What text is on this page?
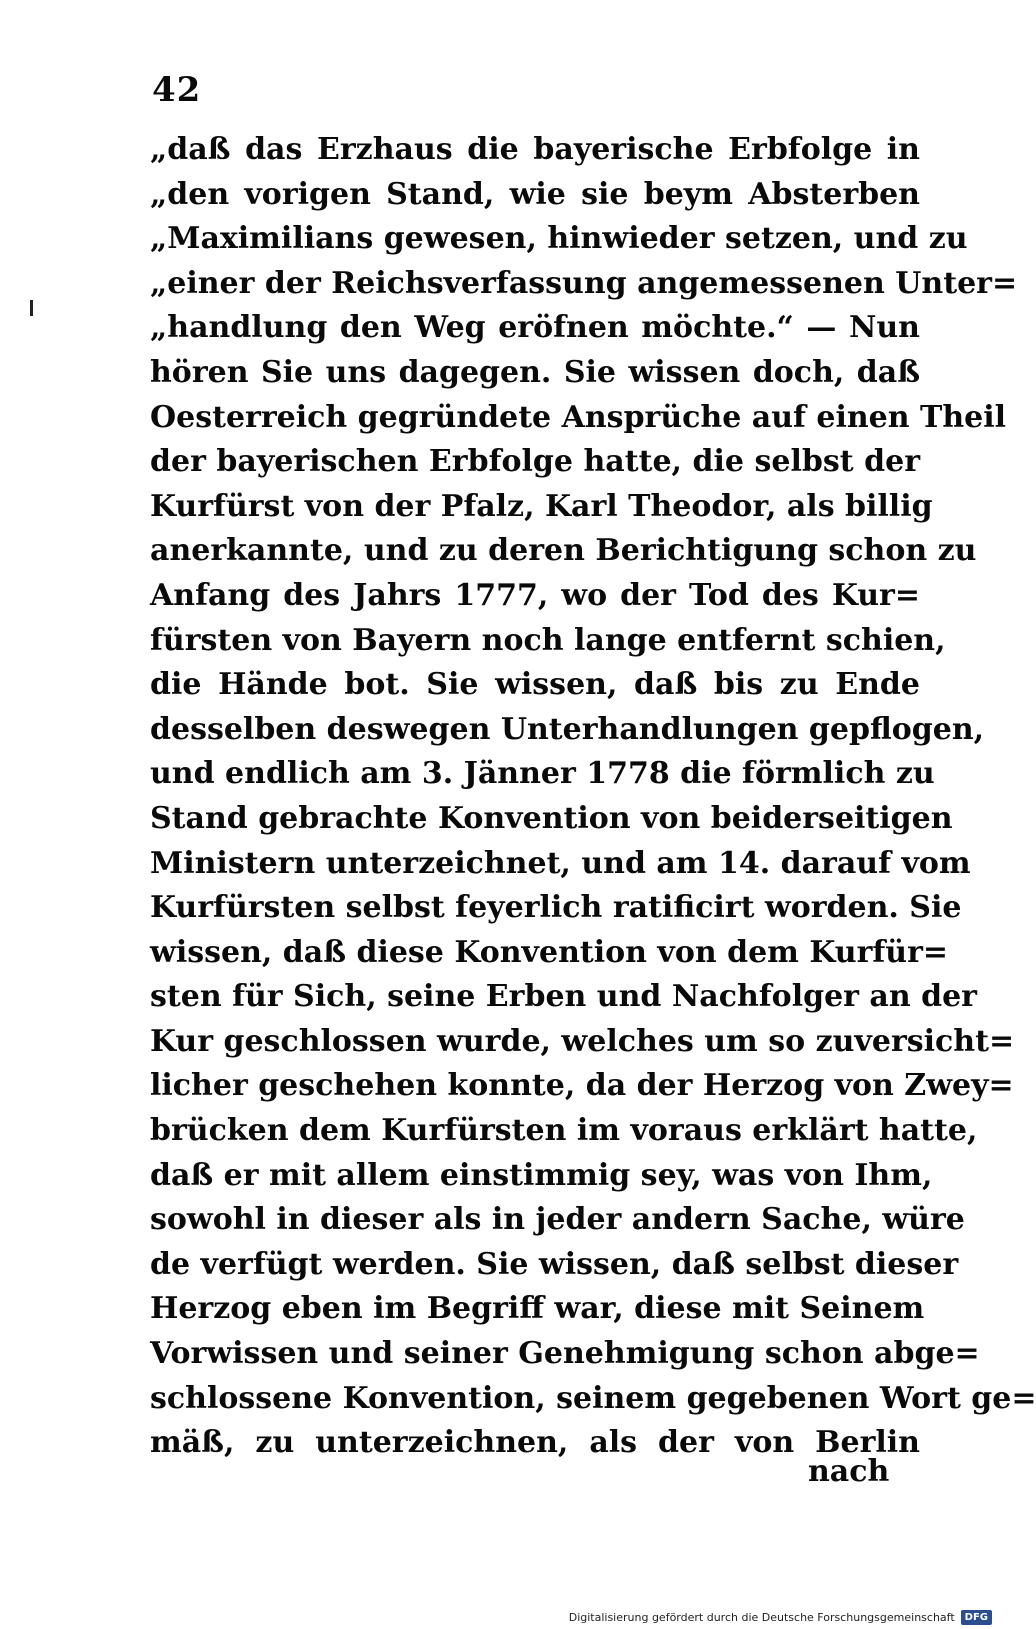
42
„daß das Erzhaus die bayerische Erbfolge in
„den vorigen Stand, wie sie beym Absterben
„Maximilians gewesen, hinwieder setzen, und zu
„einer der Reichsverfassung angemessenen Unter=
„handlung den Weg eröfnen möchte.“ — Nun
hören Sie uns dagegen. Sie wissen doch, daß
Oesterreich gegründete Ansprüche auf einen Theil
der bayerischen Erbfolge hatte, die selbst der
Kurfürst von der Pfalz, Karl Theodor, als billig
anerkannte, und zu deren Berichtigung schon zu
Anfang des Jahrs 1777, wo der Tod des Kur=
fürsten von Bayern noch lange entfernt schien,
die Hände bot. Sie wissen, daß bis zu Ende
desselben deswegen Unterhandlungen gepflogen,
und endlich am 3. Jänner 1778 die förmlich zu
Stand gebrachte Konvention von beiderseitigen
Ministern unterzeichnet, und am 14. darauf vom
Kurfürsten selbst feyerlich ratificirt worden. Sie
wissen, daß diese Konvention von dem Kurfür=
sten für Sich, seine Erben und Nachfolger an der
Kur geschlossen wurde, welches um so zuversicht=
licher geschehen konnte, da der Herzog von Zwey=
brücken dem Kurfürsten im voraus erklärt hatte,
daß er mit allem einstimmig sey, was von Ihm,
sowohl in dieser als in jeder andern Sache, würe
de verfügt werden. Sie wissen, daß selbst dieser
Herzog eben im Begriff war, diese mit Seinem
Vorwissen und seiner Genehmigung schon abge=
schlossene Konvention, seinem gegebenen Wort ge=
mäß, zu unterzeichnen, als der von Berlin
nach
Digitalisierung gefördert durch die Deutsche Forschungsgemeinschaft	DFG
